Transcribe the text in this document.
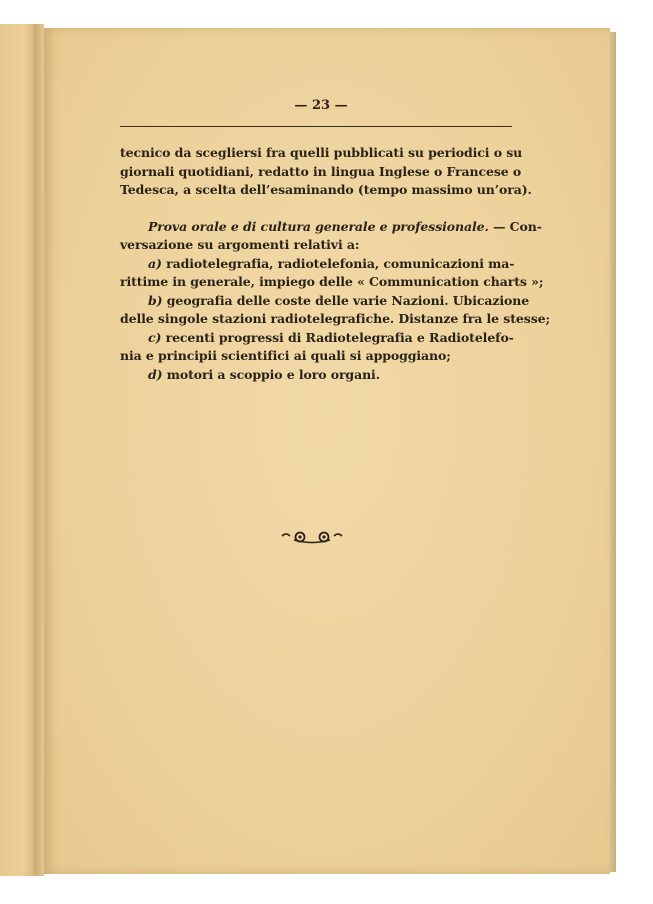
— 23 —

tecnico da scegliersi fra quelli pubblicati su periodici o su
giornali quotidiani, redatto in lingua Inglese o Francese o
Tedesca, a scelta dell’esaminando (tempo massimo un’ora).

Prova orale e di cultura generale e professionale. — Con-
versazione su argomenti relativi a:
a) radiotelegrafia, radiotelefonia, comunicazioni ma-
rittime in generale, impiego delle « Communication charts »;
b) geografia delle coste delle varie Nazioni. Ubicazione
delle singole stazioni radiotelegrafiche. Distanze fra le stesse;
c) recenti progressi di Radiotelegrafia e Radiotelefo-
nia e principii scientifici ai quali si appoggiano;
d) motori a scoppio e loro organi.
